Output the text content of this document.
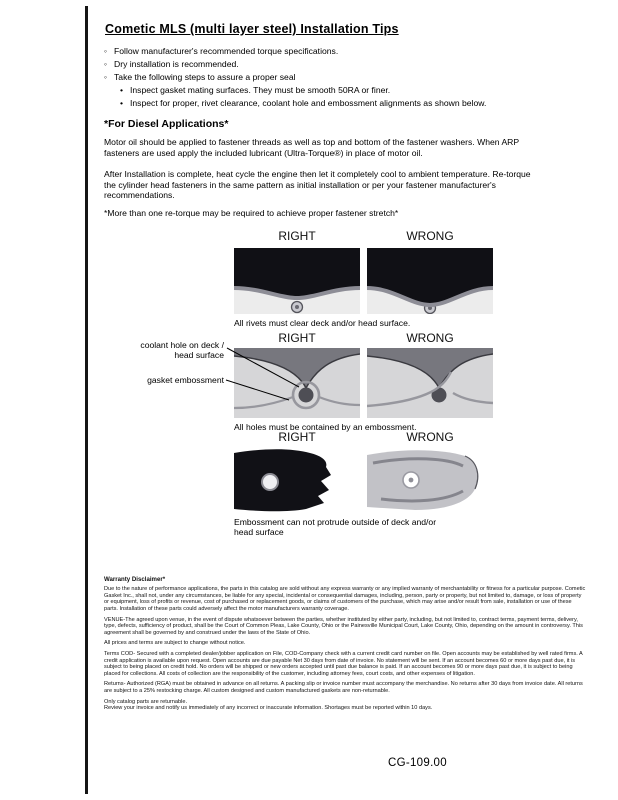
Cometic MLS (multi layer steel) Installation Tips
◦ Follow manufacturer's recommended torque specifications.
◦ Dry installation is recommended.
◦ Take the following steps to assure a proper seal
• Inspect gasket mating surfaces. They must be smooth 50RA or finer.
• Inspect for proper, rivet clearance, coolant hole and embossment alignments as shown below.
*For Diesel Applications*
Motor oil should be applied to fastener threads as well as top and bottom of the fastener washers. When ARP fasteners are used apply the included lubricant (Ultra-Torque®) in place of motor oil.
After Installation is complete, heat cycle the engine then let it completely cool to ambient temperature. Re-torque the cylinder head fasteners in the same pattern as initial installation or per your fastener manufacturer's recommendations.
*More than one re-torque may be required to achieve proper fastener stretch*
RIGHT	WRONG
All rivets must clear deck and/or head surface.
RIGHT	WRONG
coolant hole on deck / head surface
gasket embossment
All holes must be contained by an embossment.
RIGHT	WRONG
Embossment can not protrude outside of deck and/or head surface
Warranty Disclaimer*

Due to the nature of performance applications, the parts in this catalog are sold without any express warranty or any implied warranty of merchantability or fitness for a particular purpose. Cometic Gasket Inc., shall not, under any circumstances, be liable for any special, incidental or consequential damages, including, person, party or property, but not limited to, damage, or loss of property or equipment, loss of profits or revenue, cost of purchased or replacement goods, or claims of customers of the purchase, which may arise and/or result from sale, installation or use of these parts. Installation of these parts could adversely affect the motor manufacturers warranty coverage.

VENUE-The agreed upon venue, in the event of dispute whatsoever between the parties, whether instituted by either party, including, but not limited to, contract terms, payment terms, delivery, type, defects, sufficiency of product, shall be the Court of Common Pleas, Lake County, Ohio or the Painesville Municipal Court, Lake County, Ohio, depending on the amount in controversy. This agreement shall be governed by and construed under the laws of the State of Ohio.

All prices and terms are subject to change without notice.

Terms COD- Secured with a completed dealer/jobber application on File, COD-Company check with a current credit card number on file. Open accounts may be established by well rated firms. A credit application is available upon request. Open accounts are due payable Net 30 days from date of invoice. No statement will be sent. If an account becomes 60 or more days past due, it is subject to being placed on credit hold. No orders will be shipped or new orders accepted until past due balance is paid. If an account becomes 90 or more days past due, it is subject to being placed for collections. All costs of collection are the responsibility of the customer, including attorney fees, court costs, and other expenses of litigation.

Returns- Authorized (RGA) must be obtained in advance on all returns. A packing slip or invoice number must accompany the merchandise. No returns after 30 days from invoice date. All returns are subject to a 25% restocking charge. All custom designed and custom manufactured gaskets are non-returnable.

Only catalog parts are returnable.

Review your invoice and notify us immediately of any incorrect or inaccurate information. Shortages must be reported within 10 days.

CG-109.00
